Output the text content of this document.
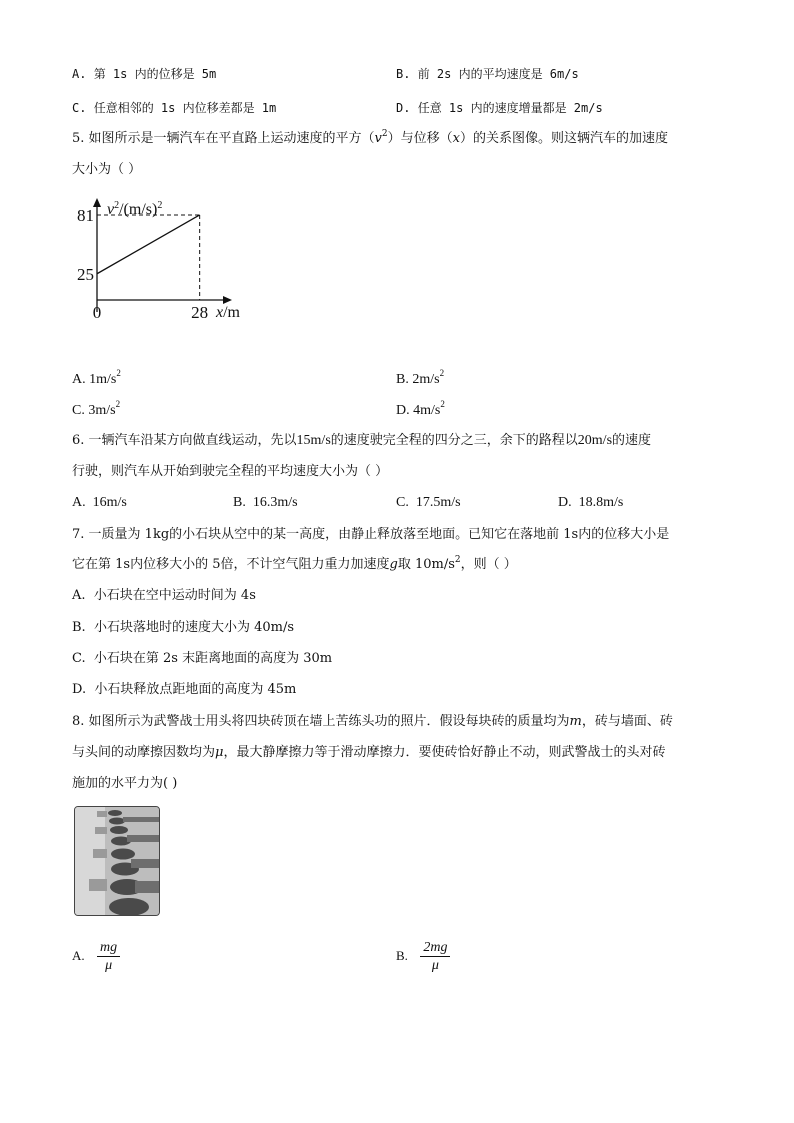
A. 第 1s 内的位移是 5m	B. 前 2s 内的平均速度是 6m/s
C. 任意相邻的 1s 内位移差都是 1m	D. 任意 1s 内的速度增量都是 2m/s
5. 如图所示是一辆汽车在平直路上运动速度的平方$(v^2)$与位移（x）的关系图像。则这辆汽车的加速度
大小为（ ）
81
25
0	28
$v^2/(m/s)^2$
x/m
A. $1m/s^2$	B. $2m/s^2$
C. $3m/s^2$	D. $4m/s^2$
6. 一辆汽车沿某方向做直线运动，先以15m/s的速度驶完全程的四分之三，余下的路程以20m/s的速度
行驶，则汽车从开始到驶完全程的平均速度大小为（ ）
A. 16m/s	B. 16.3m/s	C. 17.5m/s	D. 18.8m/s
7. 一质量为 1kg的小石块从空中的某一高度，由静止释放落至地面。已知它在落地前 1s内的位移大小是
它在第 1s内位移大小的 5倍，不计空气阻力重力加速度g取 $10m/s^2$，则（ ）
A. 小石块在空中运动时间为 4s
B. 小石块落地时的速度大小为 40m/s
C. 小石块在第 2s 末距离地面的高度为 30m
D. 小石块释放点距地面的高度为 45m
8. 如图所示为武警战士用头将四块砖顶在墙上苦练头功的照片．假设每块砖的质量均为m，砖与墙面、砖
与头间的动摩擦因数均为μ，最大静摩擦力等于滑动摩擦力．要使砖恰好静止不动，则武警战士的头对砖
施加的水平力为( )
A. $\frac{mg}{\mu}$	B. $\frac{2mg}{\mu}$
